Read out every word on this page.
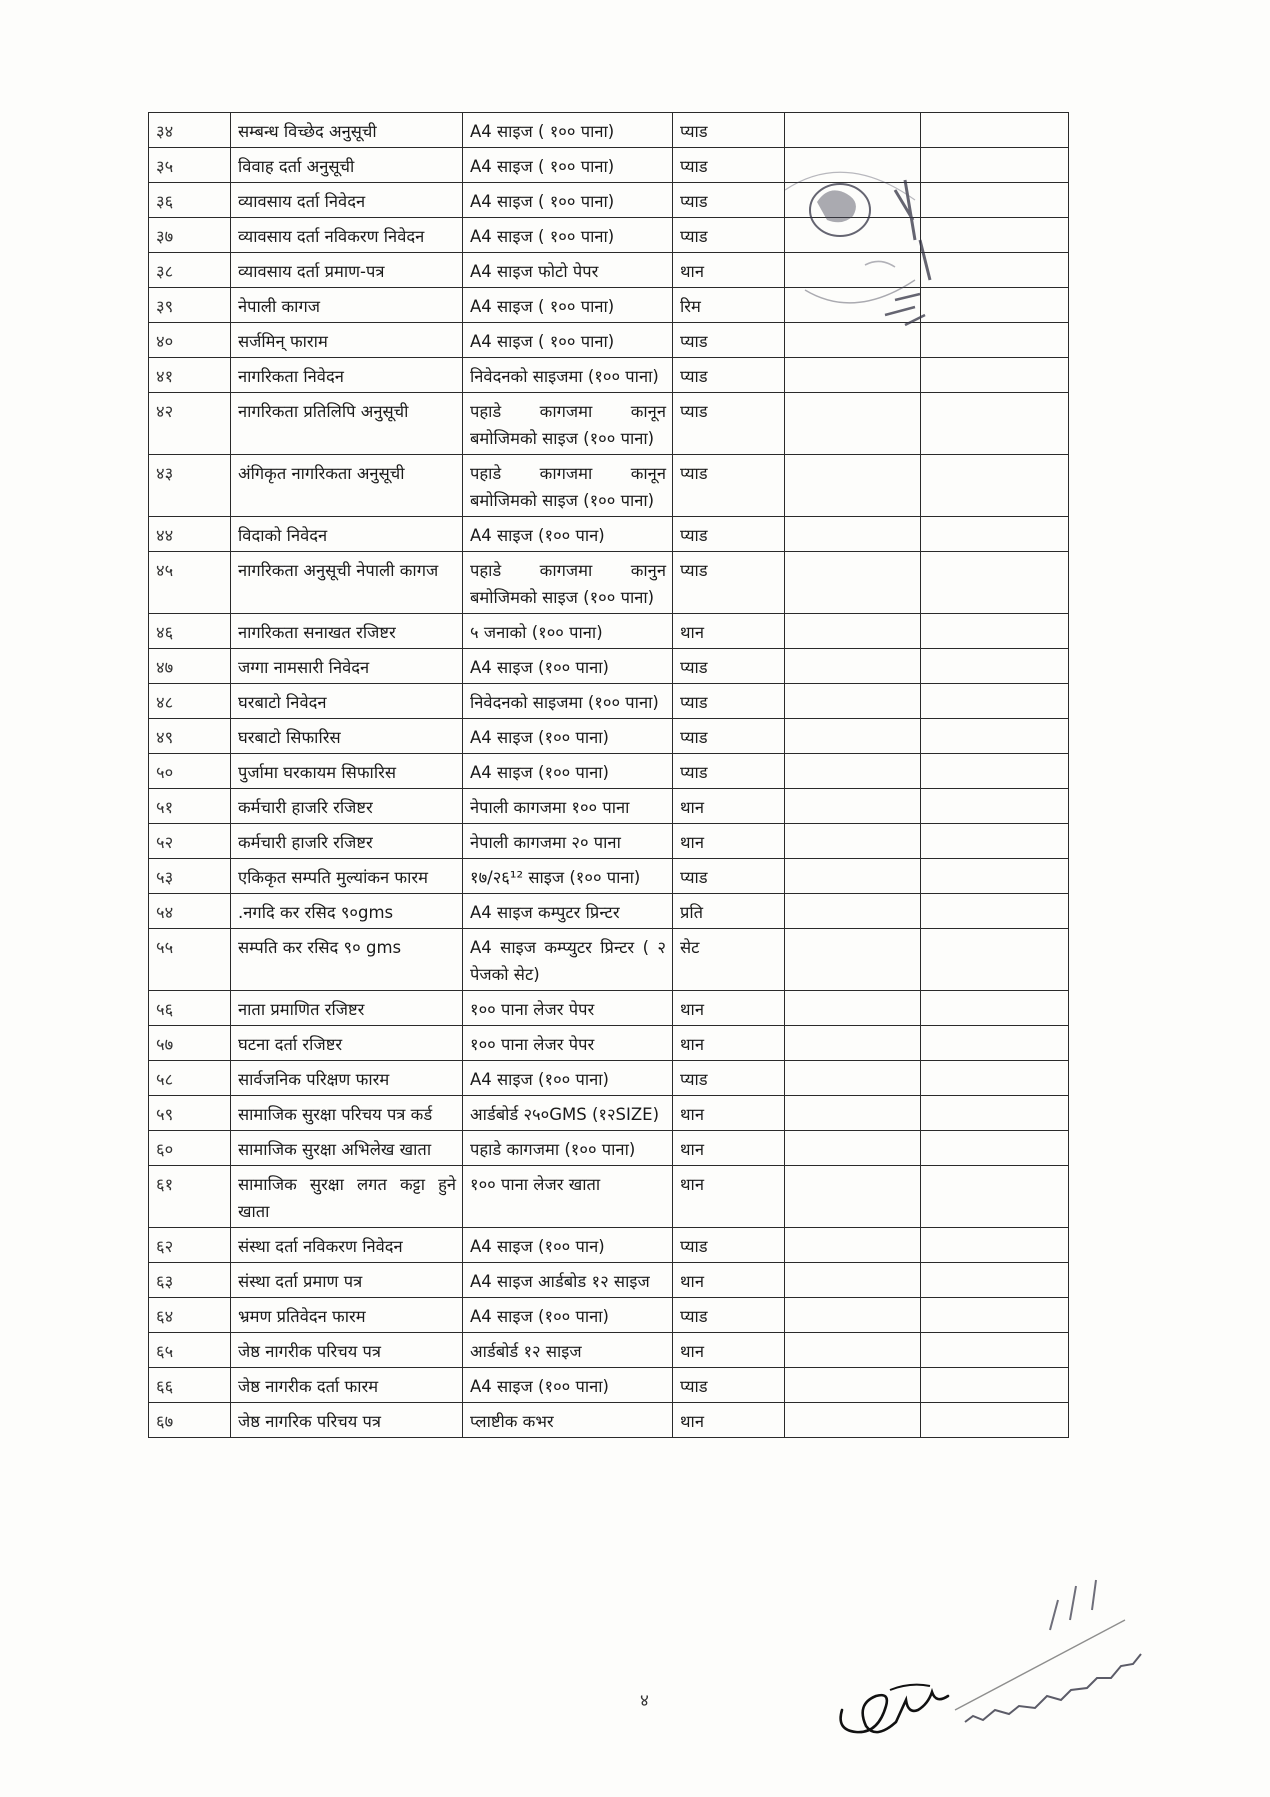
३४	सम्बन्ध विच्छेद अनुसूची	A4 साइज ( १०० पाना)	प्याड		
३५	विवाह दर्ता अनुसूची	A4 साइज ( १०० पाना)	प्याड		
३६	व्यावसाय दर्ता निवेदन	A4 साइज ( १०० पाना)	प्याड		
३७	व्यावसाय दर्ता नविकरण निवेदन	A4 साइज ( १०० पाना)	प्याड		
३८	व्यावसाय दर्ता प्रमाण-पत्र	A4 साइज फोटो पेपर	थान		
३९	नेपाली कागज	A4 साइज ( १०० पाना)	रिम		
४०	सर्जमिन् फाराम	A4 साइज ( १०० पाना)	प्याड		
४१	नागरिकता निवेदन	निवेदनको साइजमा (१०० पाना)	प्याड		
४२	नागरिकता प्रतिलिपि अनुसूची	पहाडे कागजमा कानून बमोजिमको साइज (१०० पाना)	प्याड		
४३	अंगिकृत नागरिकता अनुसूची	पहाडे कागजमा कानून बमोजिमको साइज (१०० पाना)	प्याड		
४४	विदाको निवेदन	A4 साइज (१०० पान)	प्याड		
४५	नागरिकता अनुसूची नेपाली कागज	पहाडे कागजमा कानुन बमोजिमको साइज (१०० पाना)	प्याड		
४६	नागरिकता सनाखत रजिष्टर	५ जनाको (१०० पाना)	थान		
४७	जग्गा नामसारी निवेदन	A4 साइज (१०० पाना)	प्याड		
४८	घरबाटो निवेदन	निवेदनको साइजमा (१०० पाना)	प्याड		
४९	घरबाटो सिफारिस	A4 साइज (१०० पाना)	प्याड		
५०	पुर्जामा घरकायम सिफारिस	A4 साइज (१०० पाना)	प्याड		
५१	कर्मचारी हाजरि रजिष्टर	नेपाली कागजमा १०० पाना	थान		
५२	कर्मचारी हाजरि रजिष्टर	नेपाली कागजमा २० पाना	थान		
५३	एकिकृत सम्पति मुल्यांकन फारम	१७/२६¹² साइज (१०० पाना)	प्याड		
५४	.नगदि कर रसिद ९०gms	A4 साइज कम्पुटर प्रिन्टर	प्रति		
५५	सम्पति कर रसिद ९० gms	A4 साइज कम्प्युटर प्रिन्टर ( २ पेजको सेट)	सेट		
५६	नाता प्रमाणित रजिष्टर	१०० पाना लेजर पेपर	थान		
५७	घटना दर्ता रजिष्टर	१०० पाना लेजर पेपर	थान		
५८	सार्वजनिक परिक्षण फारम	A4 साइज (१०० पाना)	प्याड		
५९	सामाजिक सुरक्षा परिचय पत्र कर्ड	आर्डबोर्ड २५०GMS (१२SIZE)	थान		
६०	सामाजिक सुरक्षा अभिलेख खाता	पहाडे कागजमा (१०० पाना)	थान		
६१	सामाजिक सुरक्षा लगत कट्टा हुने खाता	१०० पाना लेजर खाता	थान		
६२	संस्था दर्ता नविकरण निवेदन	A4 साइज (१०० पान)	प्याड		
६३	संस्था दर्ता प्रमाण पत्र	A4 साइज आर्डबोड १२ साइज	थान		
६४	भ्रमण प्रतिवेदन फारम	A4 साइज (१०० पाना)	प्याड		
६५	जेष्ठ नागरीक परिचय पत्र	आर्डबोर्ड १२ साइज	थान		
६६	जेष्ठ नागरीक दर्ता फारम	A4 साइज (१०० पाना)	प्याड		
६७	जेष्ठ नागरिक परिचय पत्र	प्लाष्टीक कभर	थान		
४
